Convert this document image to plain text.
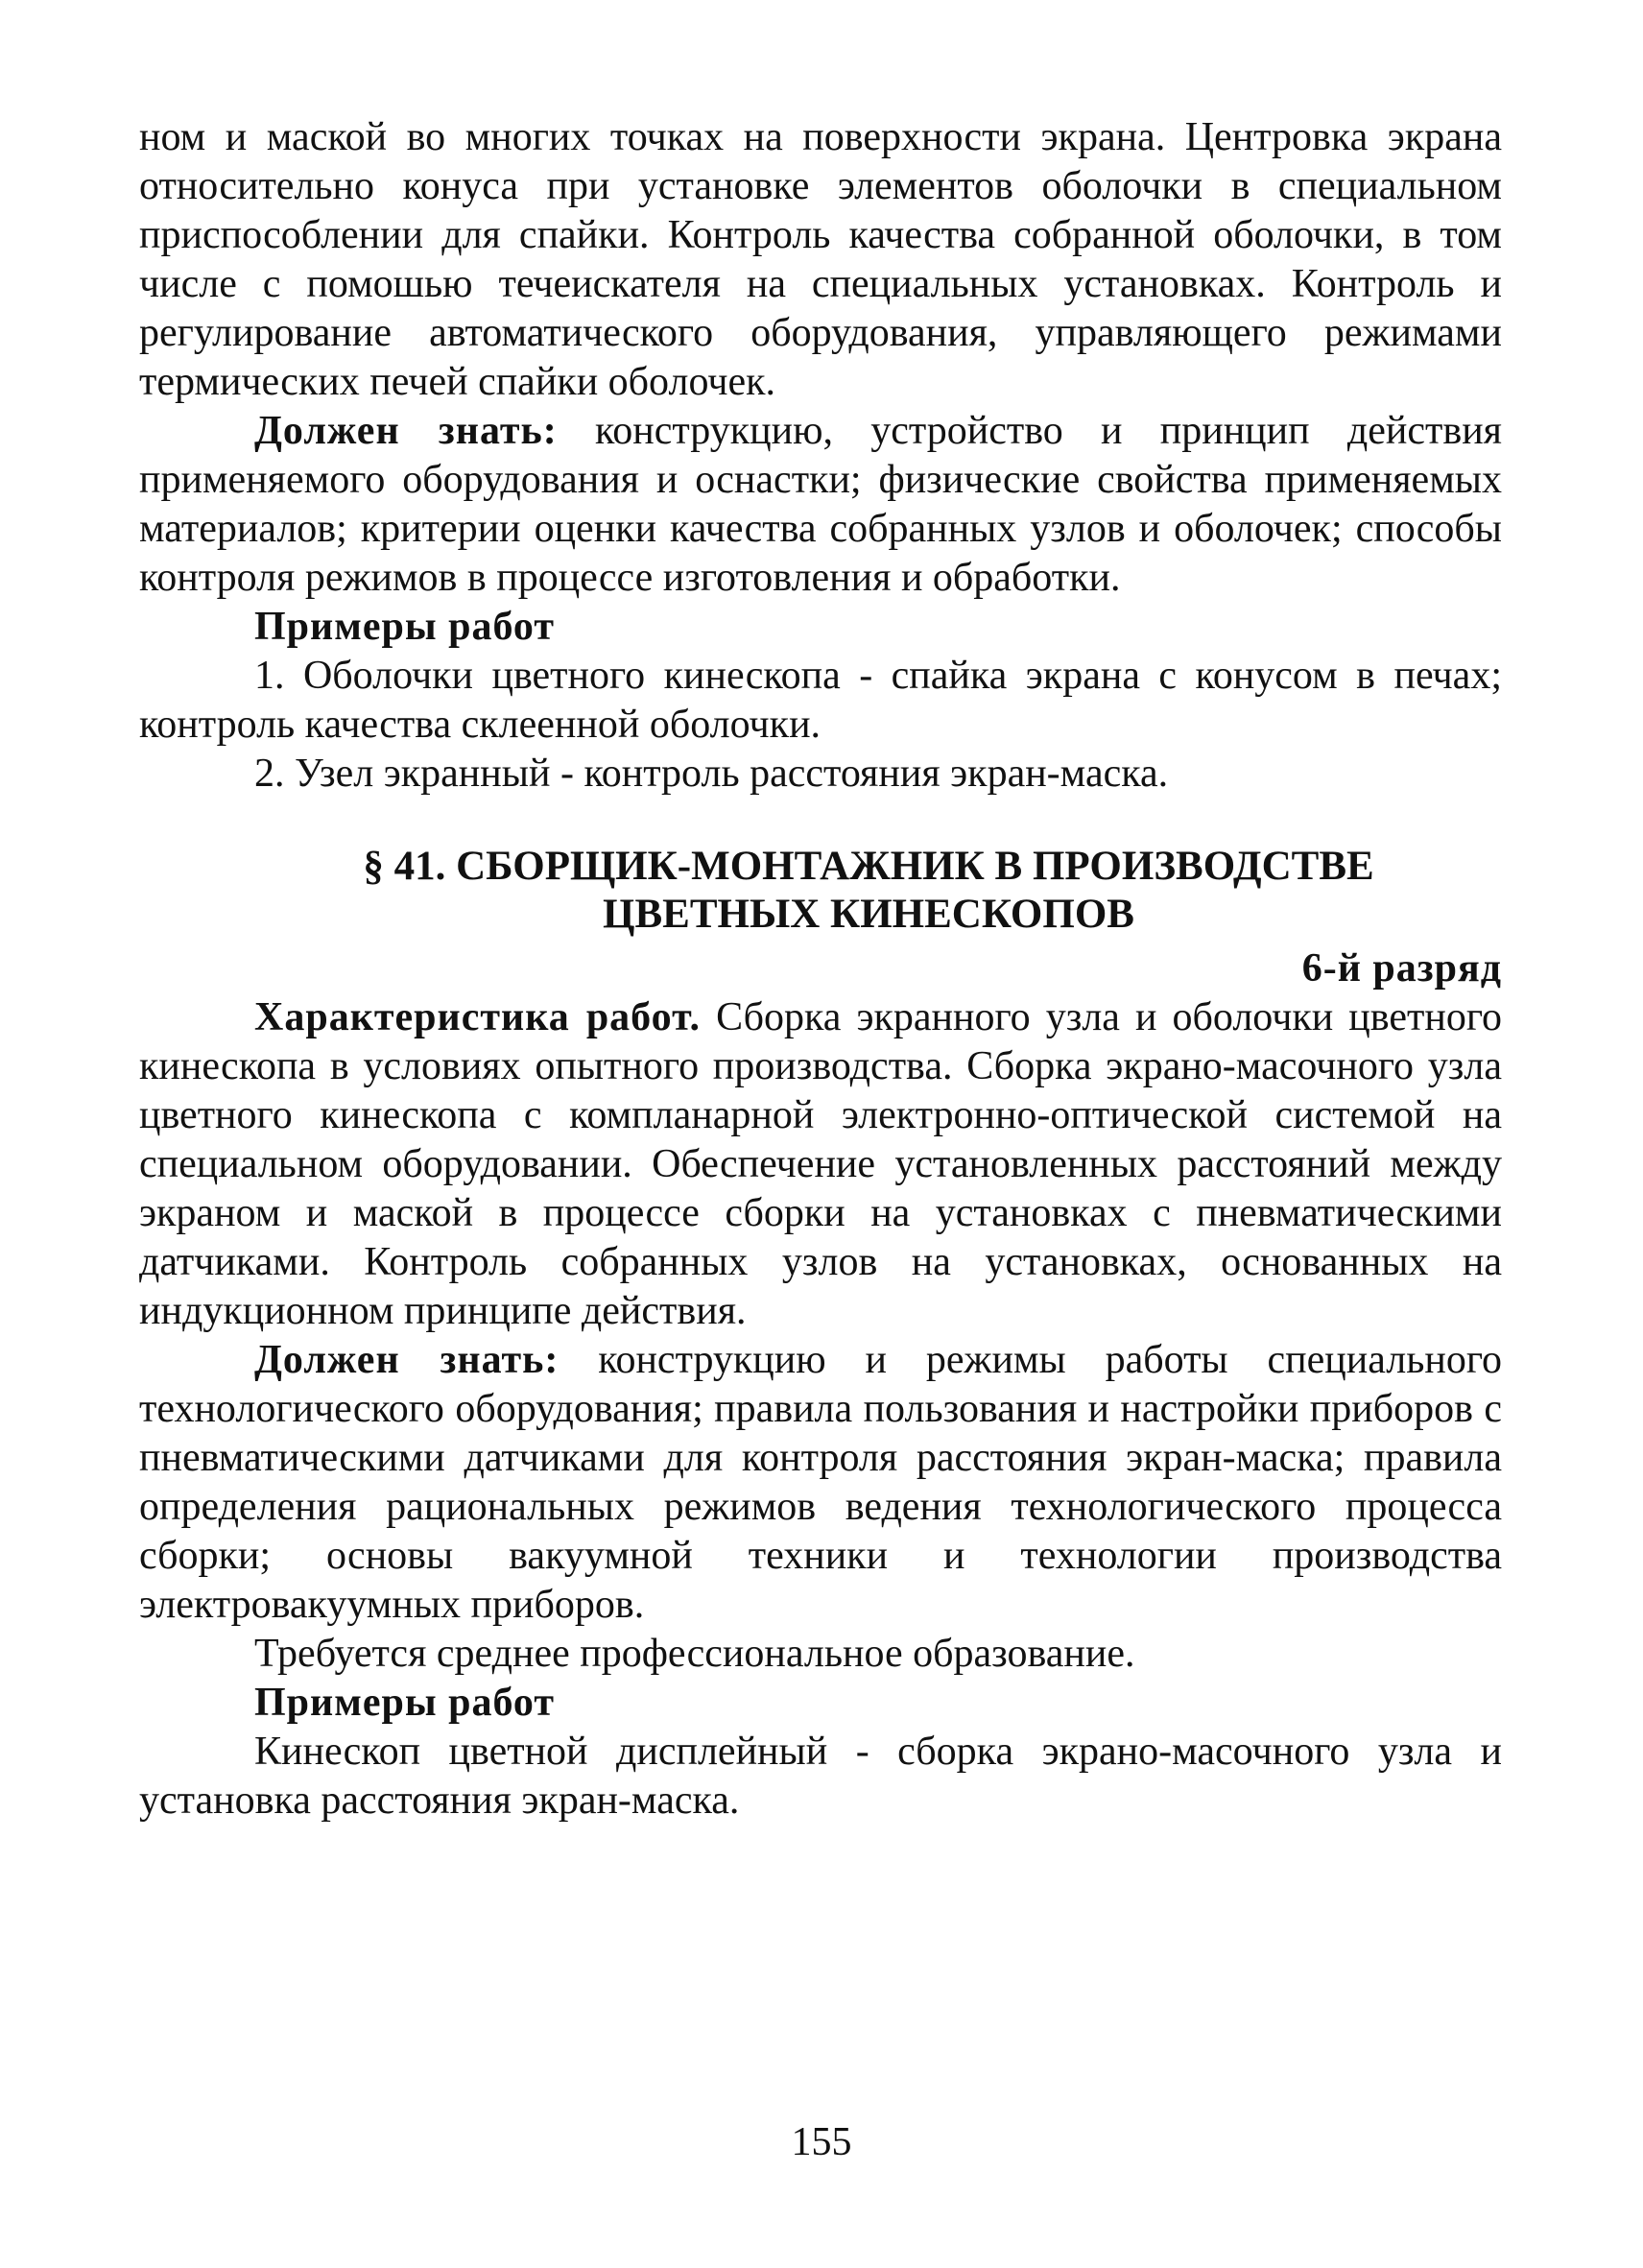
ном и маской во многих точках на поверхности экрана. Центровка экрана относительно конуса при установке элементов оболочки в специальном приспособлении для спайки. Контроль качества собранной оболочки, в том числе с помошью течеискателя на специальных установках. Контроль и регулирование автоматического оборудования, управляющего режимами термических печей спайки оболочек.

Должен знать: конструкцию, устройство и принцип действия применяемого оборудования и оснастки; физические свойства применяемых материалов; критерии оценки качества собранных узлов и оболочек; способы контроля режимов в процессе изготовления и обработки.

Примеры работ

1. Оболочки цветного кинескопа - спайка экрана с конусом в печах; контроль качества склеенной оболочки.

2. Узел экранный - контроль расстояния экран-маска.

§ 41. СБОРЩИК-МОНТАЖНИК В ПРОИЗВОДСТВЕ
ЦВЕТНЫХ КИНЕСКОПОВ

6-й разряд

Характеристика работ. Сборка экранного узла и оболочки цветного кинескопа в условиях опытного производства. Сборка экрано-масочного узла цветного кинескопа с компланарной электронно-оптической системой на специальном оборудовании. Обеспечение установленных расстояний между экраном и маской в процессе сборки на установках с пневматическими датчиками. Контроль собранных узлов на установках, основанных на индукционном принципе действия.

Должен знать: конструкцию и режимы работы специального технологического оборудования; правила пользования и настройки приборов с пневматическими датчиками для контроля расстояния экран-маска; правила определения рациональных режимов ведения технологического процесса сборки; основы вакуумной техники и технологии производства электровакуумных приборов.

Требуется среднее профессиональное образование.

Примеры работ

Кинескоп цветной дисплейный - сборка экрано-масочного узла и установка расстояния экран-маска.

155
